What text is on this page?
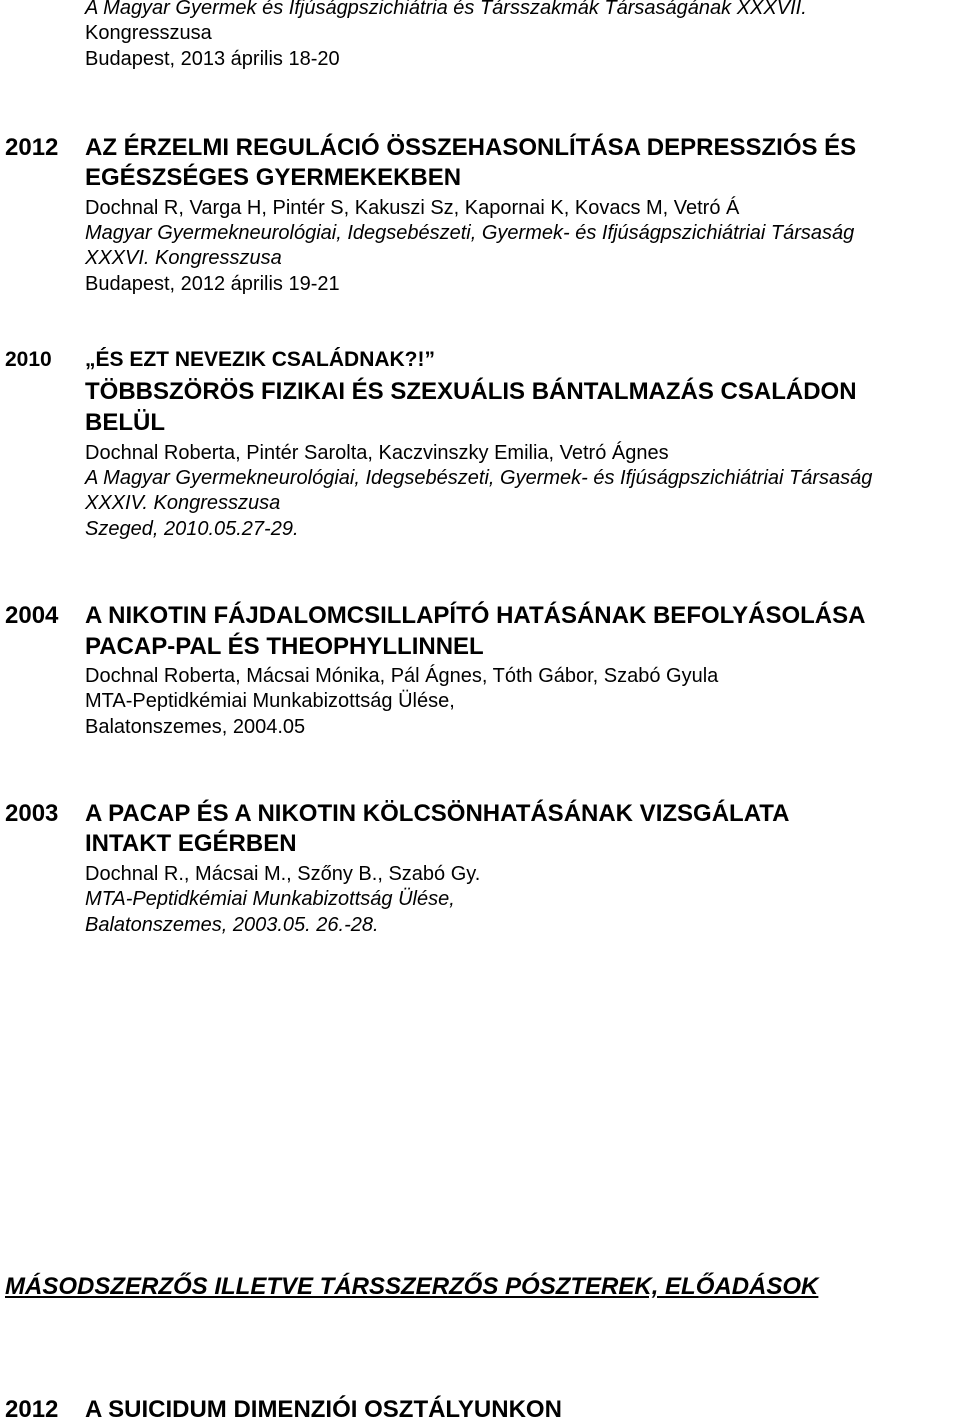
A Magyar Gyermek és Ifjúságpszichiátria és Társszakmák Társaságának XXXVII.
Kongresszusa
Budapest, 2013 április 18-20
2012 AZ ÉRZELMI REGULÁCIÓ ÖSSZEHASONLÍTÁSA DEPRESSZIÓS ÉS
EGÉSZSÉGES GYERMEKEKBEN
Dochnal R, Varga H, Pintér S, Kakuszi Sz, Kapornai K, Kovacs M, Vetró Á
Magyar Gyermekneurológiai, Idegsebészeti, Gyermek- és Ifjúságpszichiátriai Társaság
XXXVI. Kongresszusa
Budapest, 2012 április 19-21
2010 „ÉS EZT NEVEZIK CSALÁDNAK?!”
TÖBBSZÖRÖS FIZIKAI ÉS SZEXUÁLIS BÁNTALMAZÁS CSALÁDON
BELÜL
Dochnal Roberta, Pintér Sarolta, Kaczvinszky Emilia, Vetró Ágnes
A Magyar Gyermekneurológiai, Idegsebészeti, Gyermek- és Ifjúságpszichiátriai Társaság
XXXIV. Kongresszusa
Szeged, 2010.05.27-29.
2004 A NIKOTIN FÁJDALOMCSILLAPÍTÓ HATÁSÁNAK BEFOLYÁSOLÁSA
PACAP-PAL ÉS THEOPHYLLINNEL
Dochnal Roberta, Mácsai Mónika, Pál Ágnes, Tóth Gábor, Szabó Gyula
MTA-Peptidkémiai Munkabizottság Ülése,
Balatonszemes, 2004.05
2003 A PACAP ÉS A NIKOTIN KÖLCSÖNHATÁSÁNAK VIZSGÁLATA
INTAKT EGÉRBEN
Dochnal R., Mácsai M., Szőny B., Szabó Gy.
MTA-Peptidkémiai Munkabizottság Ülése,
Balatonszemes, 2003.05. 26.-28.
MÁSODSZERZŐS ILLETVE TÁRSSZERZŐS PÓSZTEREK, ELŐADÁSOK
2012 A SUICIDUM DIMENZIÓI OSZTÁLYUNKON
